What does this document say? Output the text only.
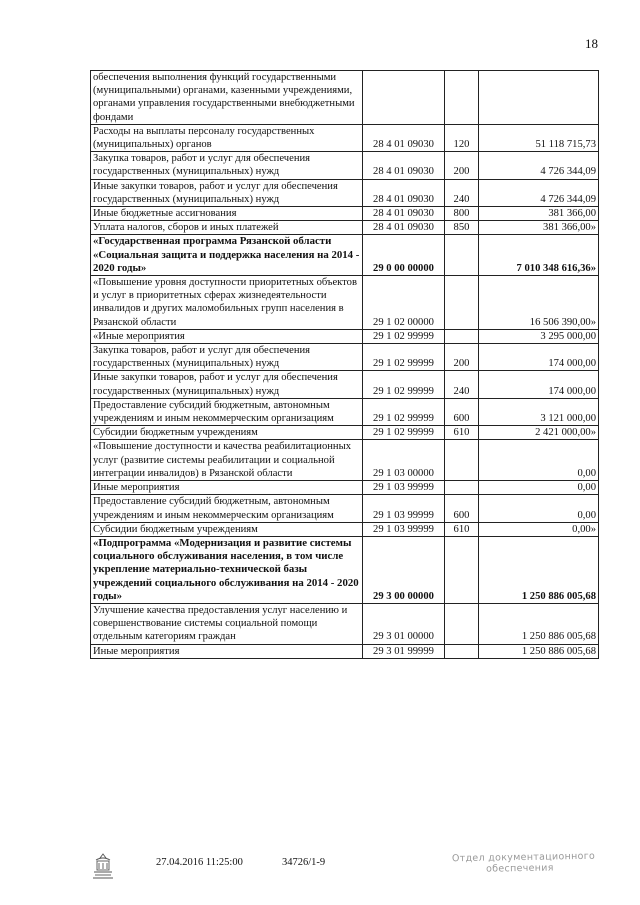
18
обеспечения выполнения функций государственными (муниципальными) органами, казенными учреждениями, органами управления государственными внебюджетными фондами			
Расходы на выплаты персоналу государственных (муниципальных) органов	28 4 01 09030	120	51 118 715,73
Закупка товаров, работ и услуг для обеспечения государственных (муниципальных) нужд	28 4 01 09030	200	4 726 344,09
Иные закупки товаров, работ и услуг для обеспечения государственных (муниципальных) нужд	28 4 01 09030	240	4 726 344,09
Иные бюджетные ассигнования	28 4 01 09030	800	381 366,00
Уплата налогов, сборов и иных платежей	28 4 01 09030	850	381 366,00»
«Государственная программа Рязанской области «Социальная защита и поддержка населения на 2014 - 2020 годы»	29 0 00 00000		7 010 348 616,36»
«Повышение уровня доступности приоритетных объектов и услуг в приоритетных сферах жизнедеятельности инвалидов и других маломобильных групп населения в Рязанской области	29 1 02 00000		16 506 390,00»
«Иные мероприятия	29 1 02 99999		3 295 000,00
Закупка товаров, работ и услуг для обеспечения государственных (муниципальных) нужд	29 1 02 99999	200	174 000,00
Иные закупки товаров, работ и услуг для обеспечения государственных (муниципальных) нужд	29 1 02 99999	240	174 000,00
Предоставление субсидий бюджетным, автономным учреждениям и иным некоммерческим организациям	29 1 02 99999	600	3 121 000,00
Субсидии бюджетным учреждениям	29 1 02 99999	610	2 421 000,00»
«Повышение доступности и качества реабилитационных услуг (развитие системы реабилитации и социальной интеграции инвалидов) в Рязанской области	29 1 03 00000		0,00
Иные мероприятия	29 1 03 99999		0,00
Предоставление субсидий бюджетным, автономным учреждениям и иным некоммерческим организациям	29 1 03 99999	600	0,00
Субсидии бюджетным учреждениям	29 1 03 99999	610	0,00»
«Подпрограмма «Модернизация и развитие системы социального обслуживания населения, в том числе укрепление материально-технической базы учреждений социального обслуживания на 2014 - 2020 годы»	29 3 00 00000		1 250 886 005,68
Улучшение качества предоставления услуг населению и совершенствование системы социальной помощи отдельным категориям граждан	29 3 01 00000		1 250 886 005,68
Иные мероприятия	29 3 01 99999		1 250 886 005,68
27.04.2016 11:25:00	34726/1-9	Отдел документационного
обеспечения
